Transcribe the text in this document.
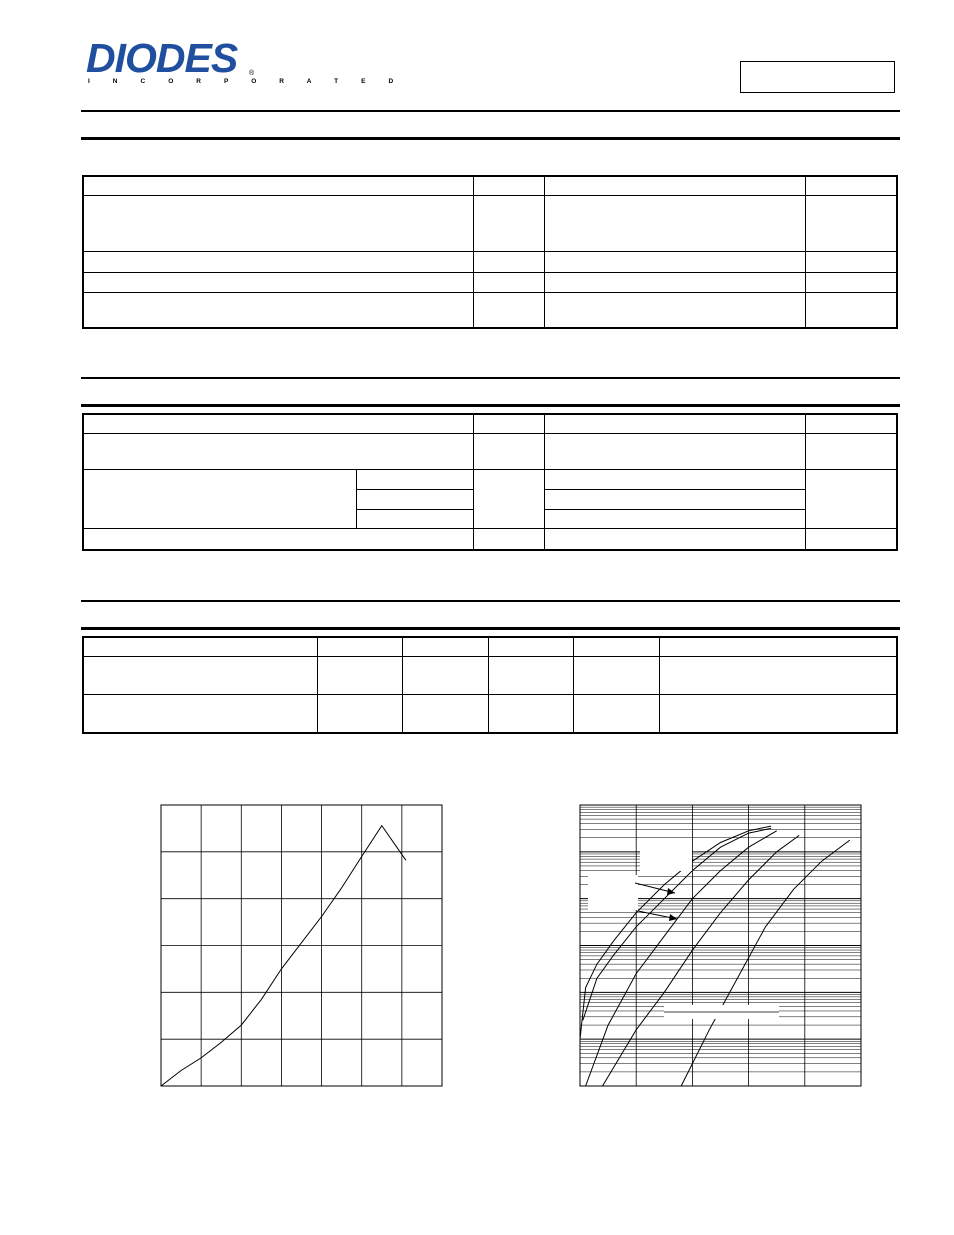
DIODES
I N C O R P O R A T E D
®
